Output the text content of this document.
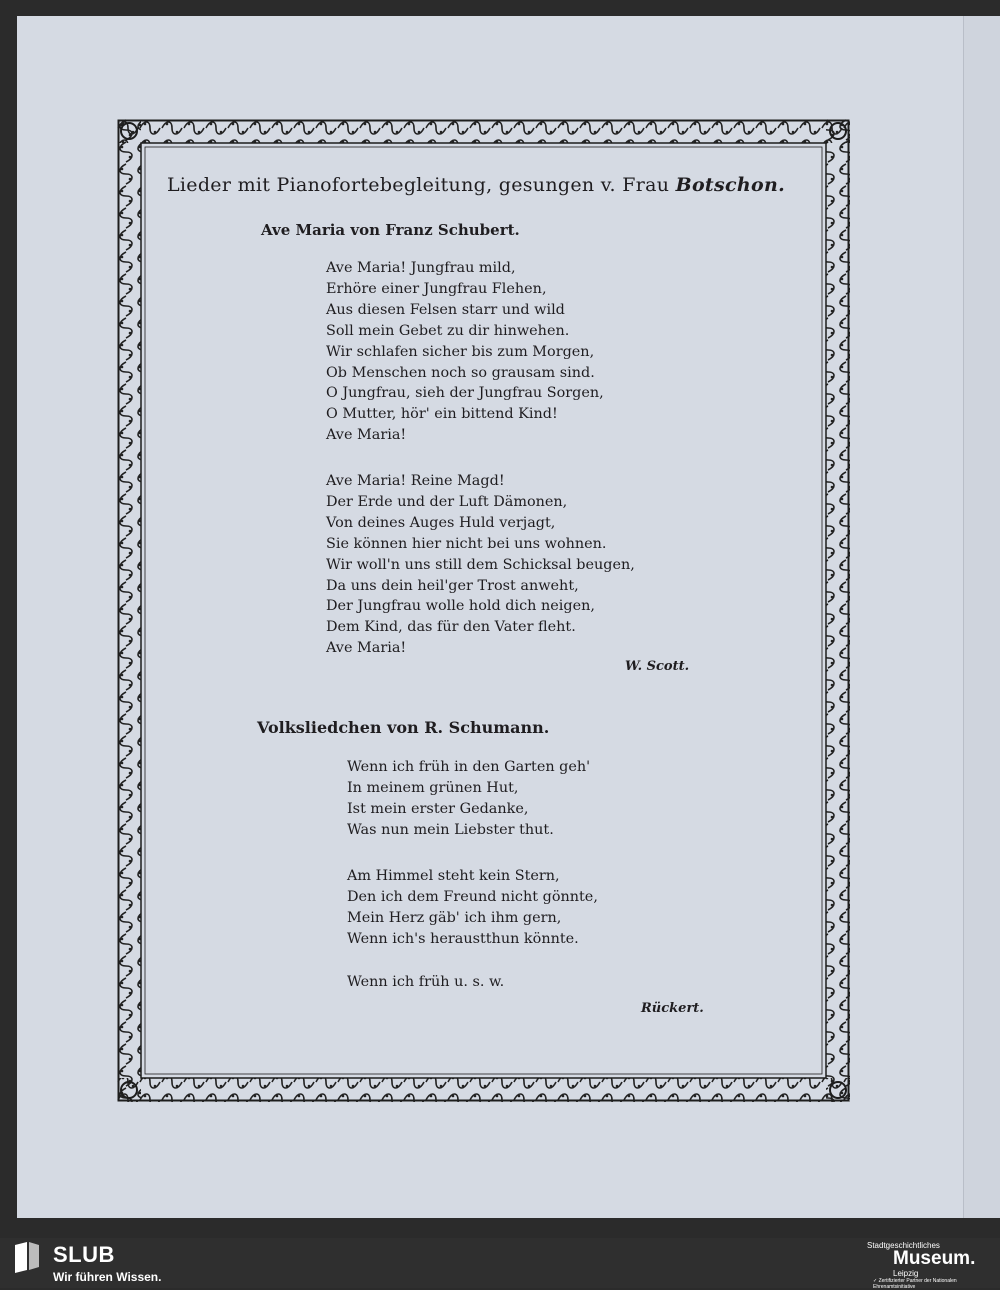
Lieder mit Pianofortebegleitung, gesungen v. Frau Botschon.
Ave Maria von Franz Schubert.
Ave Maria! Jungfrau mild,
Erhöre einer Jungfrau Flehen,
Aus diesen Felsen starr und wild
Soll mein Gebet zu dir hinwehen.
Wir schlafen sicher bis zum Morgen,
Ob Menschen noch so grausam sind.
O Jungfrau, sieh der Jungfrau Sorgen,
O Mutter, hör' ein bittend Kind!
Ave Maria!
Ave Maria! Reine Magd!
Der Erde und der Luft Dämonen,
Von deines Auges Huld verjagt,
Sie können hier nicht bei uns wohnen.
Wir woll'n uns still dem Schicksal beugen,
Da uns dein heil'ger Trost anweht,
Der Jungfrau wolle hold dich neigen,
Dem Kind, das für den Vater fleht.
Ave Maria!
W. Scott.
Volksliedchen von R. Schumann.
Wenn ich früh in den Garten geh'
In meinem grünen Hut,
Ist mein erster Gedanke,
Was nun mein Liebster thut.
Am Himmel steht kein Stern,
Den ich dem Freund nicht gönnte,
Mein Herz gäb' ich ihm gern,
Wenn ich's heraustthun könnte.
Wenn ich früh u. s. w.
Rückert.
SLUB
Wir führen Wissen.
Stadtgeschichtliches
Museum.
Leipzig
✓ Zertifizierter Partner der Nationalen Ehrenamtsinitiative
